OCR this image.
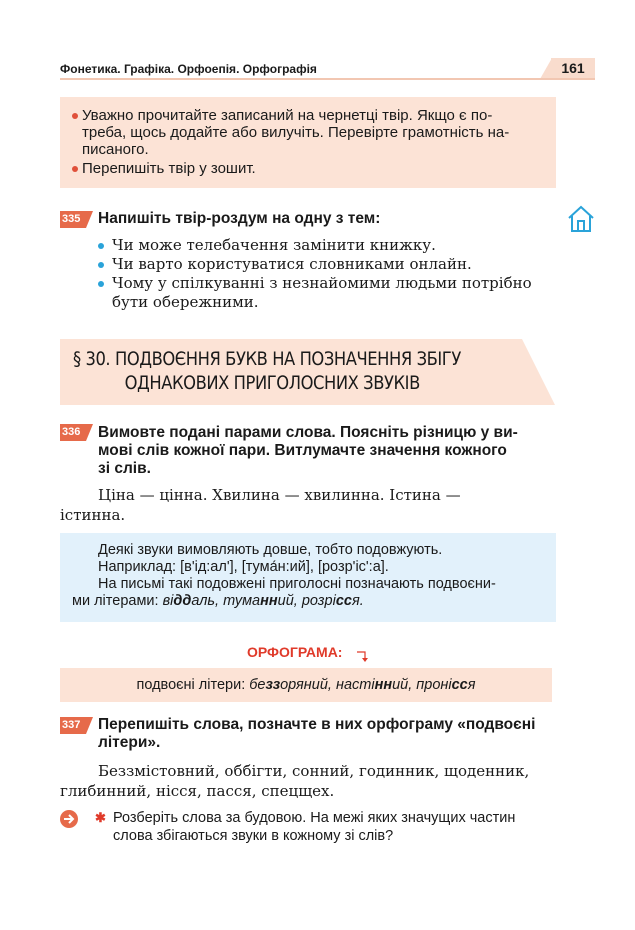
Фонетика. Графіка. Орфоепія. Орфографія	161
Уважно прочитайте записаний на чернетці твір. Якщо є по-
треба, щось додайте або вилучіть. Перевірте грамотність на-
писаного.
Перепишіть твір у зошит.
335	Напишіть твір-роздум на одну з тем:
Чи може телебачення замінити книжку.
Чи варто користуватися словниками онлайн.
Чому у спілкуванні з незнайомими людьми потрібно
бути обережними.
§ 30. ПОДВОЄННЯ БУКВ НА ПОЗНАЧЕННЯ ЗБІГУ
ОДНАКОВИХ ПРИГОЛОСНИХ ЗВУКІВ
336	Вимовте подані парами слова. Поясніть різницю у ви-
мові слів кожної пари. Витлумачте значення кожного
зі слів.
Ціна — цінна. Хвилина — хвилинна. Істина —
істинна.
Деякі звуки вимовляють довше, тобто подовжують.
Наприклад: [в'ід:ал'], [тума́н:ий], [розр'іс':а].
На письмі такі подовжені приголосні позначають подвоєни-
ми літерами: віддаль, туманний, розрісся.
ОРФОГРАМА:
подвоєні літери: беззоряний, настінний, пронісся
337	Перепишіть слова, позначте в них орфограму «подвоєні
літери».
Беззмістовний, оббігти, сонний, годинник, щоденник,
глибинний, нісся, пасся, спецщех.
✱ Розберіть слова за будовою. На межі яких значущих частин
слова збігаються звуки в кожному зі слів?
